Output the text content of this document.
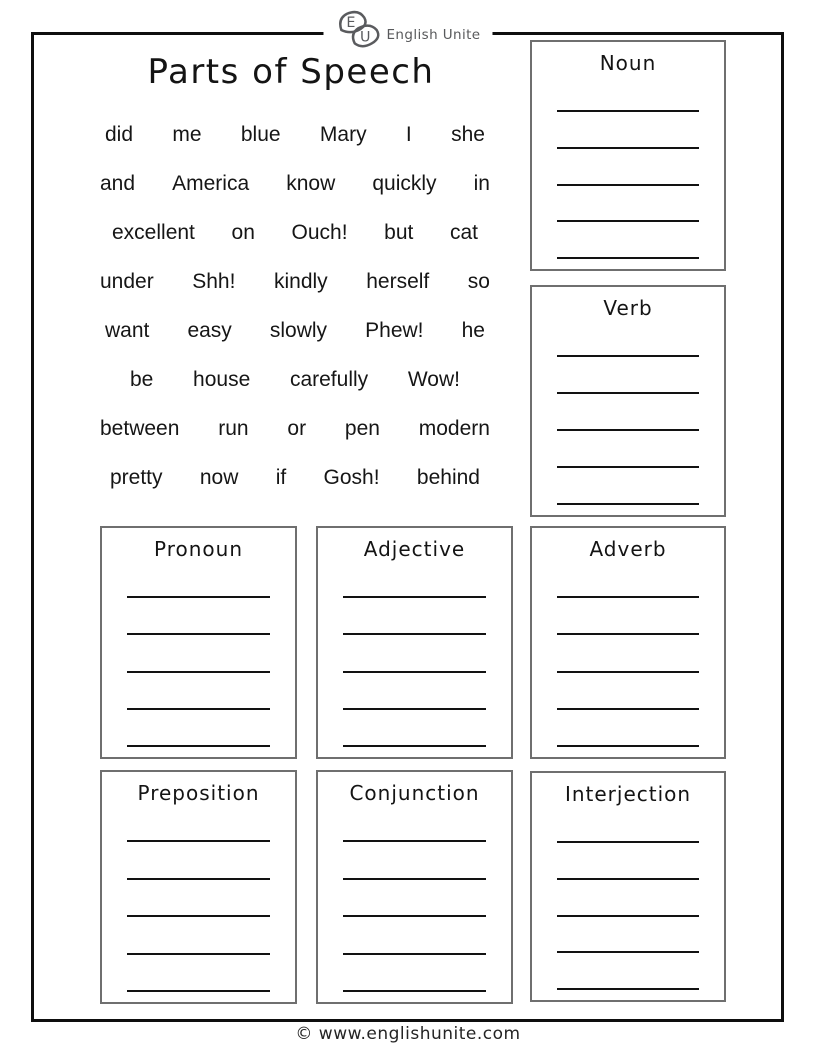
E
U English Unite
Parts of Speech
did me blue Mary I she
and America know quickly in
excellent on Ouch! but cat
under Shh! kindly herself so
want easy slowly Phew! he
be house carefully Wow!
between run or pen modern
pretty now if Gosh! behind
Noun
Verb
Pronoun	Adjective	Adverb
Preposition	Conjunction	Interjection
© www.englishunite.com
